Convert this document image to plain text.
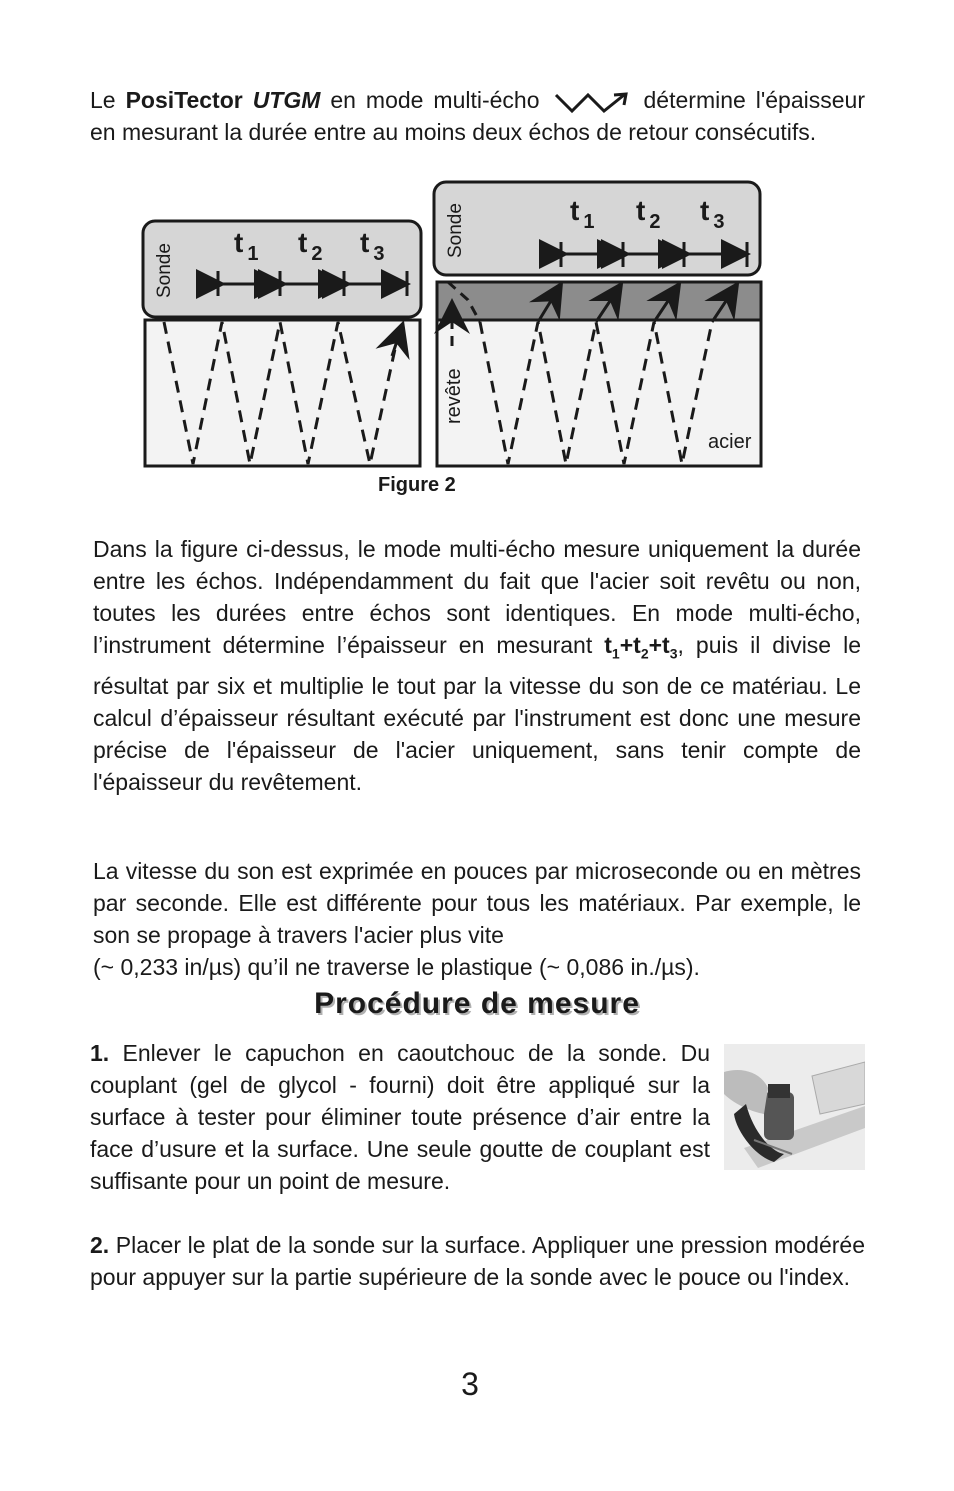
Le PosiTector UTGM en mode multi-écho	détermine l'épaisseur en mesurant la durée entre au moins deux échos de retour consécutifs.
Sonde
t $_1$ t $_2$ t $_3$	Sonde
revête
acier
t $_1$ t $_2$ t $_3$
Figure 2
Dans la figure ci-dessus, le mode multi-écho mesure uniquement la durée entre les échos. Indépendamment du fait que l'acier soit revêtu ou non, toutes les durées entre échos sont identiques. En mode multi-écho, l’instrument détermine l’épaisseur en mesurant $t_1+t_2+t_3$, puis il divise le résultat par six et multiplie le tout par la vitesse du son de ce matériau. Le calcul d’épaisseur résultant exécuté par l'instrument est donc une mesure précise de l'épaisseur de l'acier uniquement, sans tenir compte de l'épaisseur du revêtement.
La vitesse du son est exprimée en pouces par microseconde ou en mètres par seconde. Elle est différente pour tous les matériaux. Par exemple, le son se propage à travers l'acier plus vite
(~ 0,233 in/µs) qu’il ne traverse le plastique (~ 0,086 in./µs).
Procédure de mesure
1. Enlever le capuchon en caoutchouc de la sonde. Du couplant (gel de glycol - fourni) doit être appliqué sur la surface à tester pour éliminer toute présence d’air entre la face d’usure et la surface. Une seule goutte de couplant est suffisante pour un point de mesure.
2. Placer le plat de la sonde sur la surface. Appliquer une pression modérée pour appuyer sur la partie supérieure de la sonde avec le pouce ou l'index.
3
